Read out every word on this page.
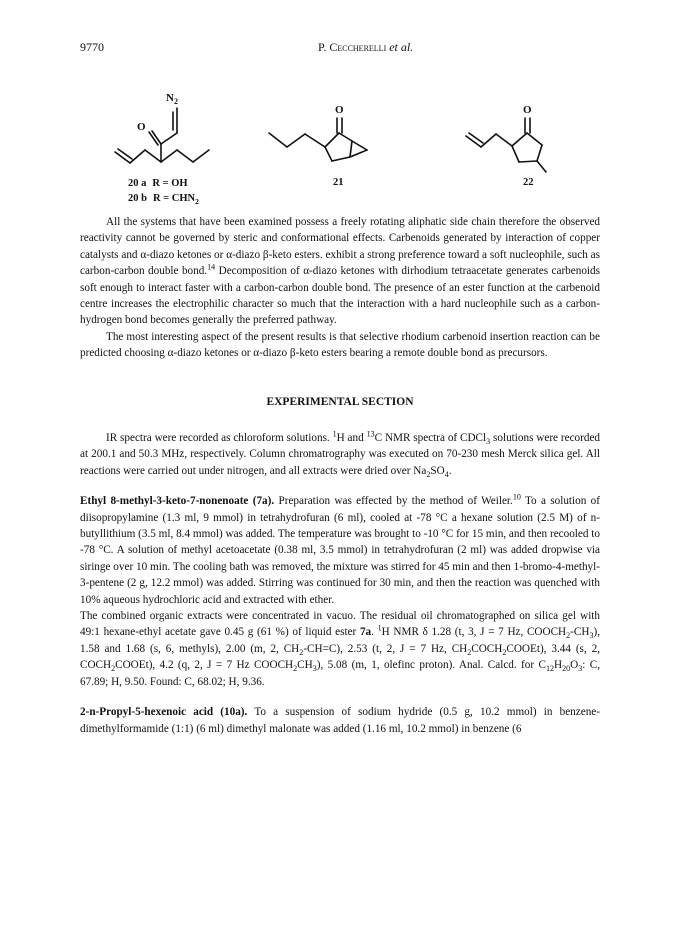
9770	P. Ceccherelli et al.
$N_2$
O
20 a R = OH
20 b $R = CHN_2$
O
21
O
22

All the systems that have been examined possess a freely rotating aliphatic side chain therefore the observed reactivity cannot be governed by steric and conformational effects. Carbenoids generated by interaction of copper catalysts and α-diazo ketones or α-diazo β-keto esters. exhibit a strong preference toward a soft nucleophile, such as carbon-carbon double bond.$^{14}$ Decomposition of α-diazo ketones with dirhodium tetraacetate generates carbenoids soft enough to interact faster with a carbon-carbon double bond. The presence of an ester function at the carbenoid centre increases the electrophilic character so much that the interaction with a hard nucleophile such as a carbon-hydrogen bond becomes generally the preferred pathway.

The most interesting aspect of the present results is that selective rhodium carbenoid insertion reaction can be predicted choosing α-diazo ketones or α-diazo β-keto esters bearing a remote double bond as precursors.

EXPERIMENTAL SECTION

IR spectra were recorded as chloroform solutions. $^1$H and $^{13}$C NMR spectra of CDCl$_3$ solutions were recorded at 200.1 and 50.3 MHz, respectively. Column chromatrography was executed on 70-230 mesh Merck silica gel. All reactions were carried out under nitrogen, and all extracts were dried over $Na_2SO_4$.

Ethyl 8-methyl-3-keto-7-nonenoate (7a). Preparation was effected by the method of Weiler.$^{10}$ To a solution of diisopropylamine (1.3 ml, 9 mmol) in tetrahydrofuran (6 ml), cooled at -78 °C a hexane solution (2.5 M) of n-butyllithium (3.5 ml, 8.4 mmol) was added. The temperature was brought to -10 °C for 15 min, and then recooled to -78 °C. A solution of methyl acetoacetate (0.38 ml, 3.5 mmol) in tetrahydrofuran (2 ml) was added dropwise via siringe over 10 min. The cooling bath was removed, the mixture was stirred for 45 min and then 1-bromo-4-methyl-3-pentene (2 g, 12.2 mmol) was added. Stirring was continued for 30 min, and then the reaction was quenched with 10% aqueous hydrochloric acid and extracted with ether.

The combined organic extracts were concentrated in vacuo. The residual oil chromatographed on silica gel with 49:1 hexane-ethyl acetate gave 0.45 g (61 %) of liquid ester 7a. $^1$H NMR δ 1.28 (t, 3, J = 7 Hz, $COOCH_2-CH_3$), 1.58 and 1.68 (s, 6, methyls), 2.00 (m, 2, $CH_2-CH=C$), 2.53 (t, 2, J = 7 Hz, $CH_2COCH_2COOEt$), 3.44 (s, 2, $COCH_2COOEt$), 4.2 (q, 2, J = 7 Hz $COOCH_2CH_3$), 5.08 (m, 1, olefinc proton). Anal. Calcd. for $C_{12}H_{20}O_3$: C, 67.89; H, 9.50. Found: C, 68.02; H, 9.36.

2-n-Propyl-5-hexenoic acid (10a). To a suspension of sodium hydride (0.5 g, 10.2 mmol) in benzene-dimethylformamide (1:1) (6 ml) dimethyl malonate was added (1.16 ml, 10.2 mmol) in benzene (6
